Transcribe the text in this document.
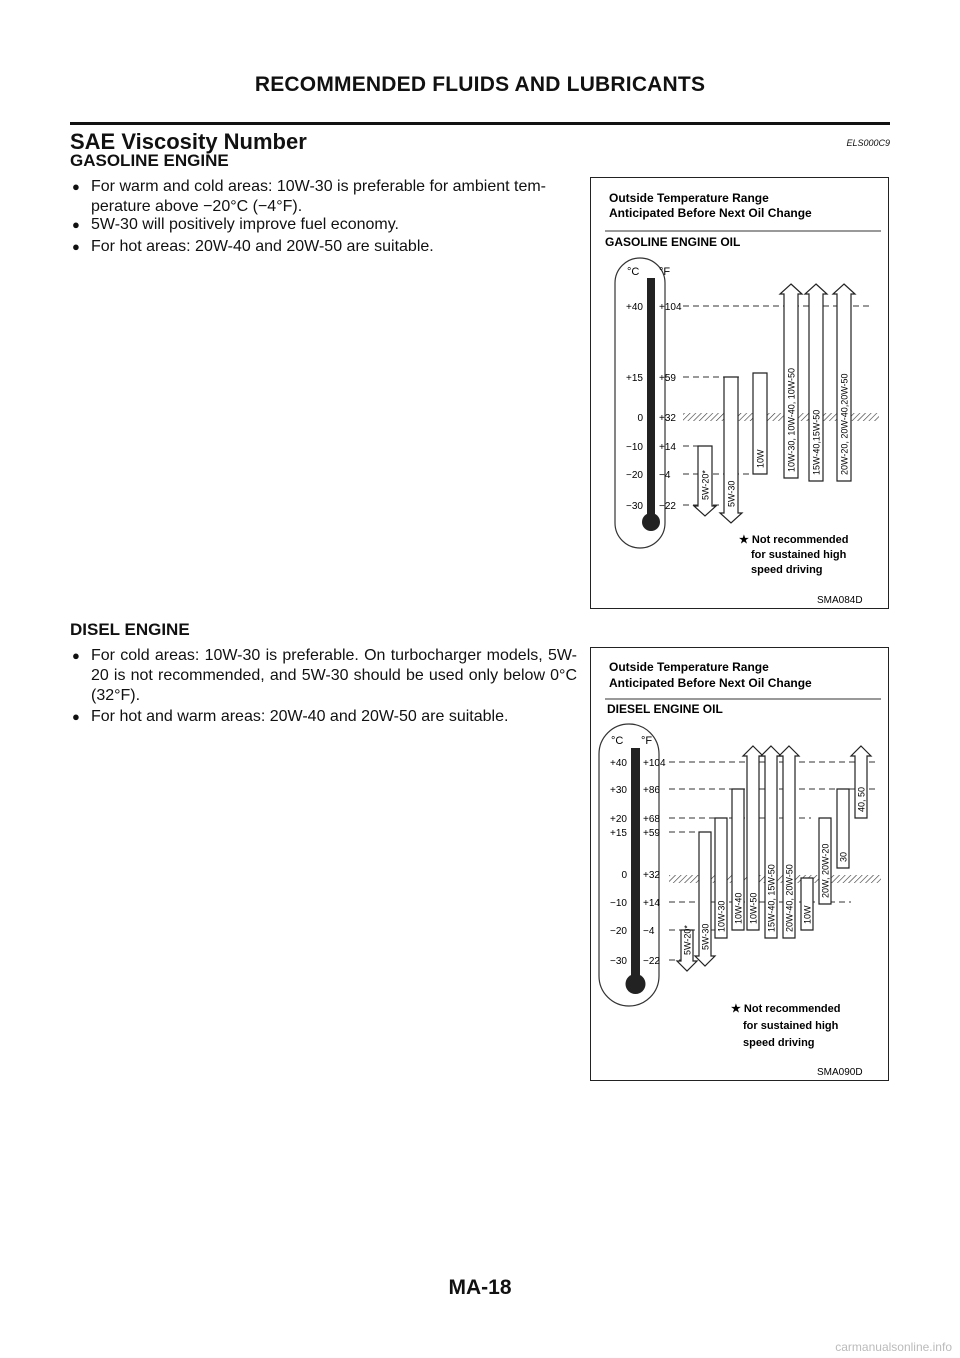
RECOMMENDED FLUIDS AND LUBRICANTS
SAE Viscosity Number	ELS000C9
GASOLINE ENGINE
● For warm and cold areas: 10W-30 is preferable for ambient tem-perature above −20°C (−4°F).
● 5W-30 will positively improve fuel economy.
● For hot areas: 20W-40 and 20W-50 are suitable.
Outside Temperature Range
Anticipated Before Next Oil Change
GASOLINE ENGINE OIL
°C °F
+40
+15
0
−10
−20
−30
+104
+59
+32
+14
−4
−22
5W-20* 5W-30
10W 10W-30, 10W-40, 10W-50 15W-40,15W-50 20W-20, 20W-40,20W-50
★ Not recommended
for sustained high
speed driving
SMA084D
DISEL ENGINE
● For cold areas: 10W-30 is preferable. On turbocharger models, 5W-20 is not recommended, and 5W-30 should be used only below 0°C (32°F).
● For hot and warm areas: 20W-40 and 20W-50 are suitable.
Outside Temperature Range
Anticipated Before Next Oil Change
DIESEL ENGINE OIL
°C °F
+40
+30
+20
+15
0
−10
−20
−30
+104
+86
+68
+59
+32
+14
−4
−22
5W-20* 5W-30
10W-30 10W-40 10W-50 15W-40, 15W-50 20W-40, 20W-50 10W
20W, 20W-20 30
40, 50
★ Not recommended
for sustained high
speed driving
SMA090D
MA-18
carmanualsonline.info
